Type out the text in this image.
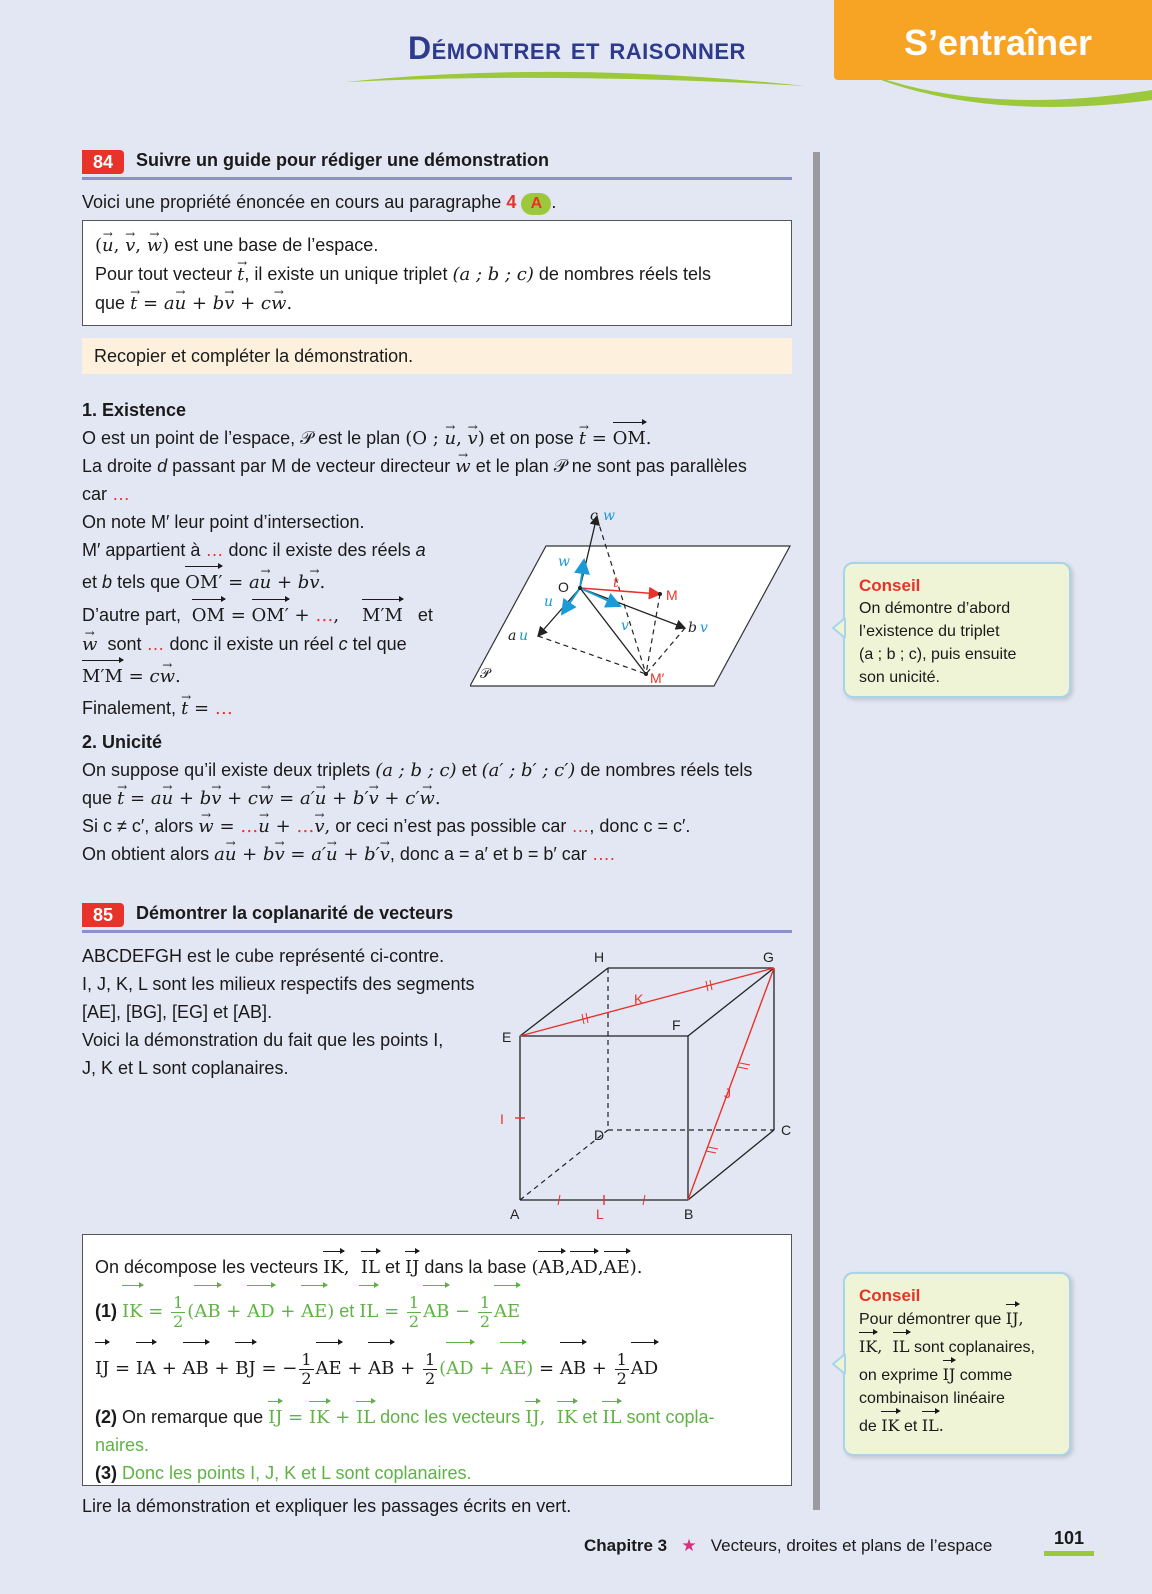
Démontrer et raisonner	S’entraîner
84	Suivre un guide pour rédiger une démonstration
Voici une propriété énoncée en cours au paragraphe 4 A .
(→ u, → v, → w) est une base de l’espace.
Pour tout vecteur → t, il existe un unique triplet (a ; b ; c) de nombres réels tels
que → t = a→ u + b→ v + c→ w.
Recopier et compléter la démonstration.
1. Existence
O est un point de l’espace, 𝒫 est le plan (O ; → u, → v) et on pose → t = OM.
La droite d passant par M de vecteur directeur → w et le plan 𝒫 ne sont pas parallèles
car …
On note M′ leur point d’intersection.
M′ appartient à … donc il existe des réels a
et b tels que OM′ = a→ u + b→ v.
D’autre part, OM = OM′ + …,    M′M et
→ w sont … donc il existe un réel c tel que
M′M = c→ w.
Finalement, → t = …
c w
w
O	t
M
u
a u
v	b v
M′
𝒫
2. Unicité
On suppose qu’il existe deux triplets (a ; b ; c) et (a′ ; b′ ; c′) de nombres réels tels
que → t = a→ u + b→ v + c→ w = a′→ u + b′→ v + c′→ w.
Si c ≠ c′, alors → w = …→ u + …→ v, or ceci n’est pas possible car …, donc c = c′.
On obtient alors a→ u + b→ v = a′→ u + b′→ v, donc a = a′ et b = b′ car ….
Conseil
On démontre d’abord
l’existence du triplet
(a ; b ; c), puis ensuite
son unicité.
85	Démontrer la coplanarité de vecteurs
ABCDEFGH est le cube représenté ci-contre.
I, J, K, L sont les milieux respectifs des segments
[AE], [BG], [EG] et [AB].
Voici la démonstration du fait que les points I,
J, K et L sont coplanaires.
H	G
E
F
K
J
I
D	C
A	L	B
On décompose les vecteurs IK,  IL et IJ dans la base (AB,AD,AE).
(1) IK = $\frac{1}{2} (AB$ + AD + AE) et IL = $\frac{1}{2}$ AB − $\frac{1}{2}$ AE
IJ = IA + AB + BJ = − $\frac{1}{2}$ AE + AB + $\frac{1}{2} (AD + AE)$ = AB + $\frac{1}{2}$ AD
(2) On remarque que IJ = IK + IL donc les vecteurs IJ,  IK et IL sont copla-
naires.
(3) Donc les points I, J, K et L sont coplanaires.
Lire la démonstration et expliquer les passages écrits en vert.
Conseil
Pour démontrer que IJ,
IK,  IL sont coplanaires,
on exprime IJ comme
combinaison linéaire
de IK et IL.
Chapitre 3 ★ Vecteurs, droites et plans de l’espace	101
